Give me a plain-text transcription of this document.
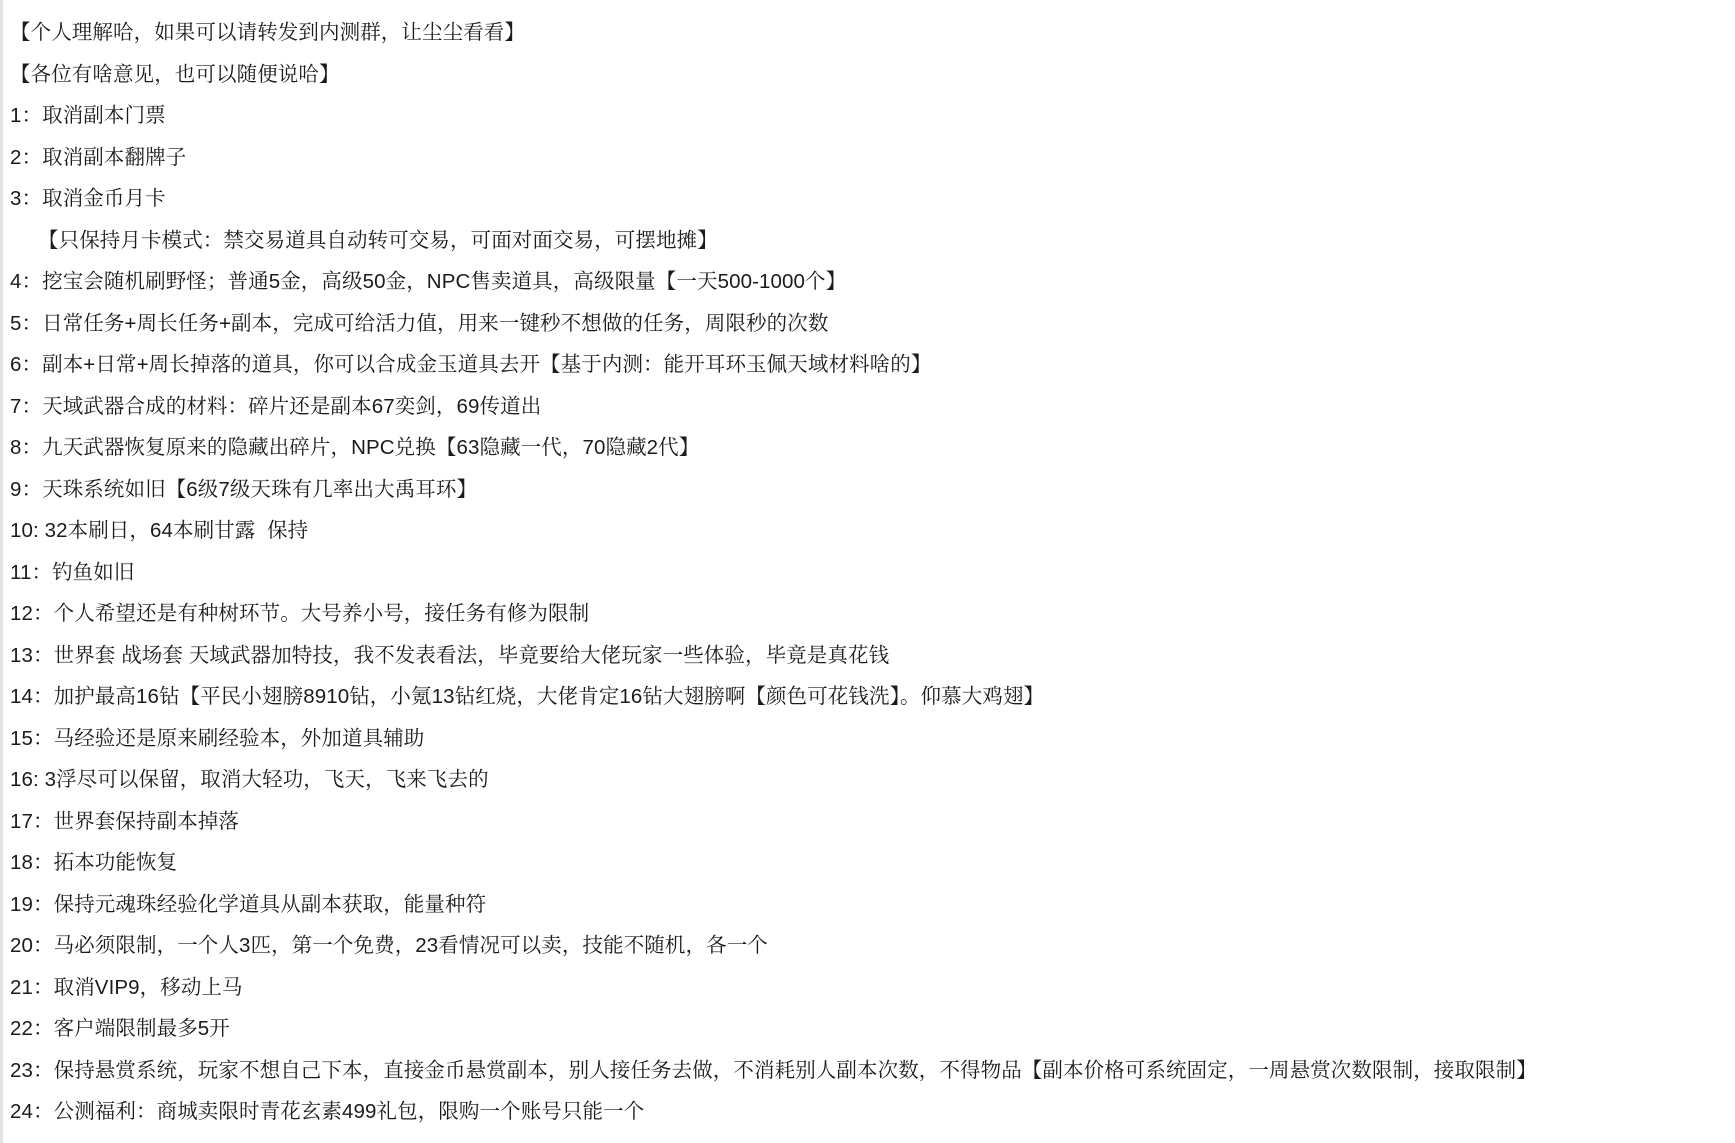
【个人理解哈，如果可以请转发到内测群，让尘尘看看】
【各位有啥意见，也可以随便说哈】
1：取消副本门票
2：取消副本翻牌子
3：取消金币月卡
【只保持月卡模式：禁交易道具自动转可交易，可面对面交易，可摆地摊】
4：挖宝会随机刷野怪；普通5金，高级50金，NPC售卖道具，高级限量【一天500-1000个】
5：日常任务+周长任务+副本，完成可给活力值，用来一键秒不想做的任务，周限秒的次数
6：副本+日常+周长掉落的道具，你可以合成金玉道具去开【基于内测：能开耳环玉佩天域材料啥的】
7：天域武器合成的材料：碎片还是副本67奕剑，69传道出
8：九天武器恢复原来的隐藏出碎片，NPC兑换【63隐藏一代，70隐藏2代】
9：天珠系统如旧【6级7级天珠有几率出大禹耳环】
10: 32本刷日，64本刷甘露  保持
11：钓鱼如旧
12：个人希望还是有种树环节。大号养小号，接任务有修为限制
13：世界套 战场套 天域武器加特技，我不发表看法，毕竟要给大佬玩家一些体验，毕竟是真花钱
14：加护最高16钻【平民小翅膀8910钻，小氪13钻红烧，大佬肯定16钻大翅膀啊【颜色可花钱洗】。仰慕大鸡翅】
15：马经验还是原来刷经验本，外加道具辅助
16: 3浮尽可以保留，取消大轻功，飞天，飞来飞去的
17：世界套保持副本掉落
18：拓本功能恢复
19：保持元魂珠经验化学道具从副本获取，能量种符
20：马必须限制，一个人3匹，第一个免费，23看情况可以卖，技能不随机，各一个
21：取消VIP9，移动上马
22：客户端限制最多5开
23：保持悬赏系统，玩家不想自己下本，直接金币悬赏副本，别人接任务去做，不消耗别人副本次数，不得物品【副本价格可系统固定，一周悬赏次数限制，接取限制】
24：公测福利：商城卖限时青花玄素499礼包，限购一个账号只能一个
